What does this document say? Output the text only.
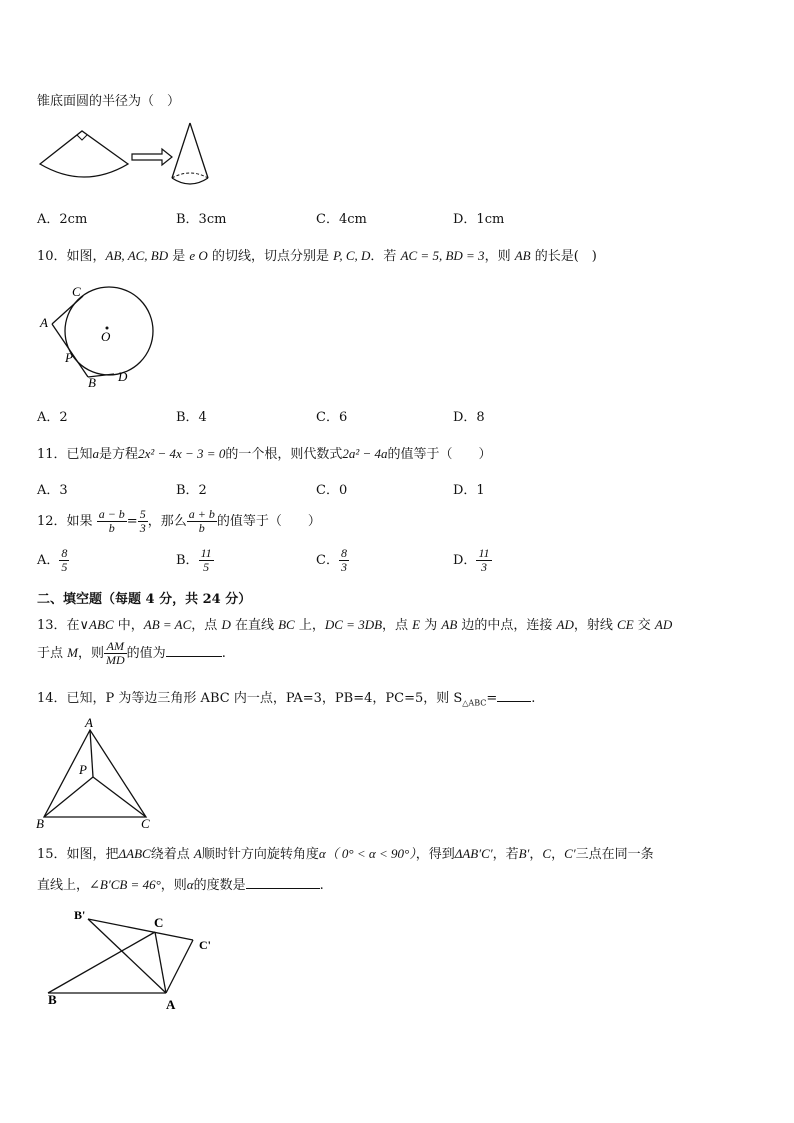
锥底面圆的半径为（　）
A．2cm	B．3cm	C．4cm	D．1cm
10．如图，AB, AC, BD 是 e O 的切线，切点分别是 P, C, D．若 AC = 5, BD = 3，则 AB 的长是(　)
C
A
O
P
B D
A．2	B．4	C．6	D．8
11．已知a是方程2x² − 4x − 3 = 0的一个根，则代数式2a² − 4a的值等于（　　）
A．3	B．2	C．0	D．1
12．如果 $\frac{a - b}{b} = \frac{5}{3}$ ，那么 $\frac{a + b}{b}$ 的值等于（　　）
A． $\frac{8}{5}$	B． $\frac{11}{5}$	C． $\frac{8}{3}$	D． $\frac{11}{3}$
二、填空题（每题 4 分，共 24 分）
13．在∨ABC 中，AB = AC，点 D 在直线 BC 上，DC = 3DB，点 E 为 AB 边的中点，连接 AD，射线 CE 交 AD
于点 M，则 $\frac{AM}{MD}$ 的值为	.
14．已知，P 为等边三角形 ABC 内一点，PA=3，PB=4，PC=5，则 $S_{\triangle ABC}=$	.
A
P
B	C
15．如图，把ΔABC绕着点 A顺时针方向旋转角度α（ 0° < α < 90°），得到ΔAB′C′，若B′，C，C′三点在同一条
直线上，∠B′CB = 46°，则α的度数是	.
B'	C
C'
B	A
